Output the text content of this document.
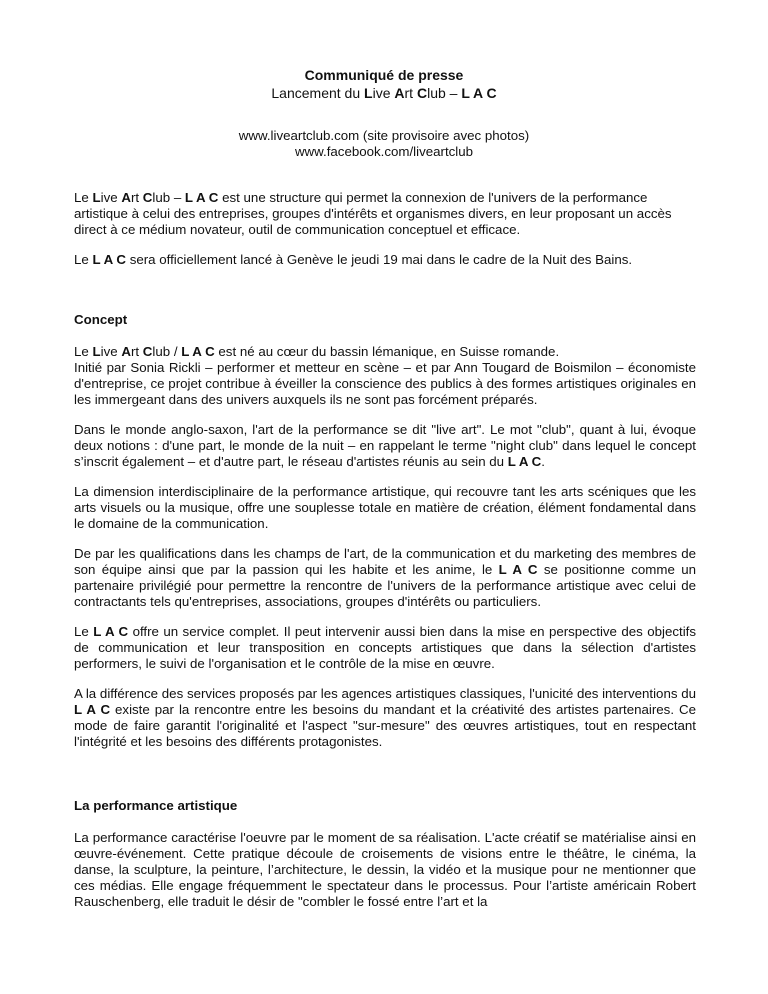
Communiqué de presse
Lancement du Live Art Club – L A C
www.liveartclub.com (site provisoire avec photos)
www.facebook.com/liveartclub

Le Live Art Club – L A C est une structure qui permet la connexion de l'univers de la performance artistique à celui des entreprises, groupes d'intérêts et organismes divers, en leur proposant un accès direct à ce médium novateur, outil de communication conceptuel et efficace.

Le L A C sera officiellement lancé à Genève le jeudi 19 mai dans le cadre de la Nuit des Bains.

Concept

Le Live Art Club / L A C est né au cœur du bassin lémanique, en Suisse romande.

Initié par Sonia Rickli – performer et metteur en scène – et par Ann Tougard de Boismilon – économiste d'entreprise, ce projet contribue à éveiller la conscience des publics à des formes artistiques originales en les immergeant dans des univers auxquels ils ne sont pas forcément préparés.

Dans le monde anglo-saxon, l'art de la performance se dit "live art". Le mot "club", quant à lui, évoque deux notions : d'une part, le monde de la nuit – en rappelant le terme "night club" dans lequel le concept s’inscrit également – et d'autre part, le réseau d'artistes réunis au sein du L A C.

La dimension interdisciplinaire de la performance artistique, qui recouvre tant les arts scéniques que les arts visuels ou la musique, offre une souplesse totale en matière de création, élément fondamental dans le domaine de la communication.

De par les qualifications dans les champs de l'art, de la communication et du marketing des membres de son équipe ainsi que par la passion qui les habite et les anime, le L A C se positionne comme un partenaire privilégié pour permettre la rencontre de l'univers de la performance artistique avec celui de contractants tels qu'entreprises, associations, groupes d'intérêts ou particuliers.

Le L A C offre un service complet. Il peut intervenir aussi bien dans la mise en perspective des objectifs de communication et leur transposition en concepts artistiques que dans la sélection d'artistes performers, le suivi de l'organisation et le contrôle de la mise en œuvre.

A la différence des services proposés par les agences artistiques classiques, l'unicité des interventions du L A C existe par la rencontre entre les besoins du mandant et la créativité des artistes partenaires. Ce mode de faire garantit l'originalité et l'aspect "sur-mesure" des œuvres artistiques, tout en respectant l'intégrité et les besoins des différents protagonistes.

La performance artistique

La performance caractérise l'oeuvre par le moment de sa réalisation. L'acte créatif se matérialise ainsi en œuvre-événement. Cette pratique découle de croisements de visions entre le théâtre, le cinéma, la danse, la sculpture, la peinture, l’architecture, le dessin, la vidéo et la musique pour ne mentionner que ces médias. Elle engage fréquemment le spectateur dans le processus. Pour l’artiste américain Robert Rauschenberg, elle traduit le désir de "combler le fossé entre l’art et la
